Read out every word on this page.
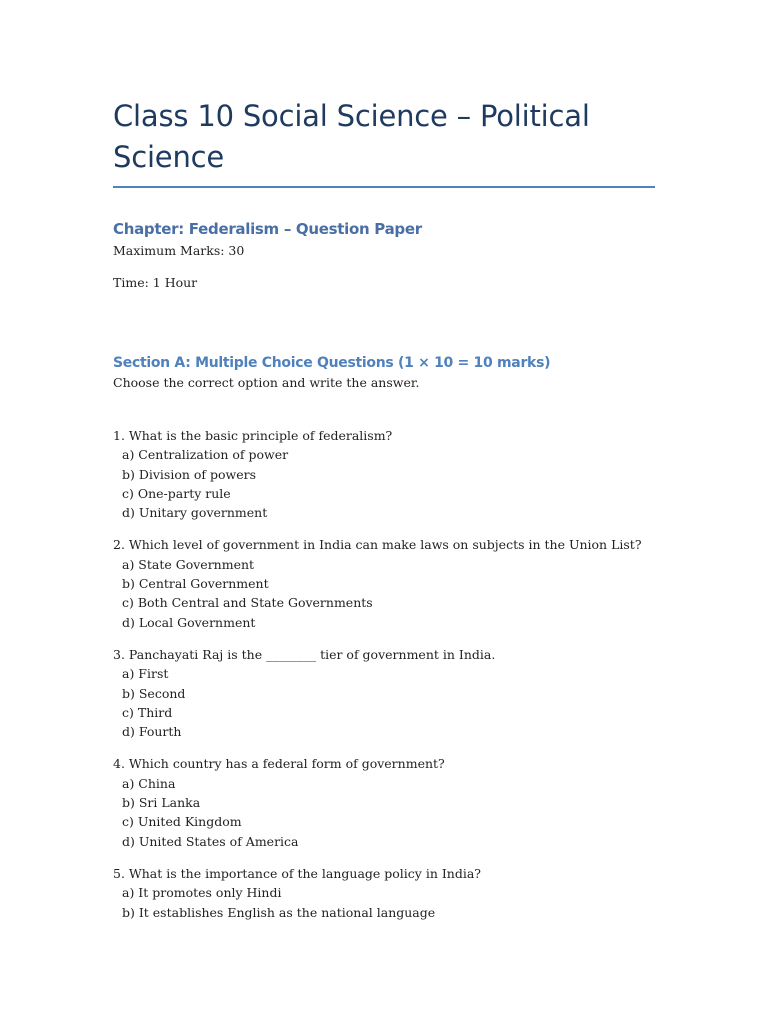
Class 10 Social Science – Political Science
Chapter: Federalism – Question Paper

Maximum Marks: 30

Time: 1 Hour

Section A: Multiple Choice Questions (1 × 10 = 10 marks)

Choose the correct option and write the answer.

1. What is the basic principle of federalism?

a) Centralization of power

b) Division of powers

c) One-party rule

d) Unitary government

2. Which level of government in India can make laws on subjects in the Union List?

a) State Government

b) Central Government

c) Both Central and State Governments

d) Local Government

3. Panchayati Raj is the ________ tier of government in India.

a) First

b) Second

c) Third

d) Fourth

4. Which country has a federal form of government?

a) China

b) Sri Lanka

c) United Kingdom

d) United States of America

5. What is the importance of the language policy in India?

a) It promotes only Hindi

b) It establishes English as the national language
